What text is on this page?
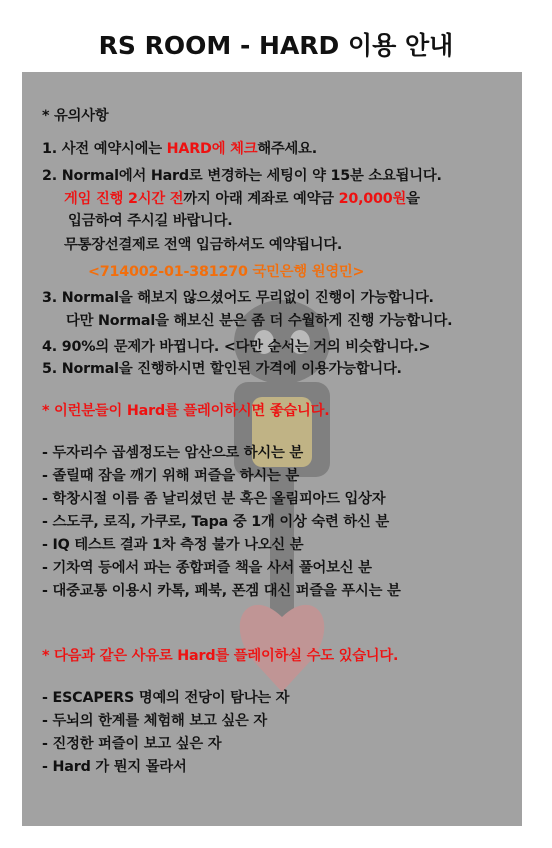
RS ROOM - HARD 이용 안내
* 유의사항
1. 사전 예약시에는 HARD에 체크해주세요.
2. Normal에서 Hard로 변경하는 세팅이 약 15분 소요됩니다.
게임 진행 2시간 전까지 아래 계좌로 예약금 20,000원을
입금하여 주시길 바랍니다.
무통장선결제로 전액 입금하셔도 예약됩니다.
<714002-01-381270 국민은행 원영민>
3. Normal을 해보지 않으셨어도 무리없이 진행이 가능합니다.
다만 Normal을 해보신 분은 좀 더 수월하게 진행 가능합니다.
4. 90%의 문제가 바뀝니다. <다만 순서는 거의 비슷합니다.>
5. Normal을 진행하시면 할인된 가격에 이용가능합니다.
* 이런분들이 Hard를 플레이하시면 좋습니다.
- 두자리수 곱셈정도는 암산으로 하시는 분
- 졸릴때 잠을 깨기 위해 퍼즐을 하시는 분
- 학창시절 이름 좀 날리셨던 분 혹은 올림피아드 입상자
- 스도쿠, 로직, 가쿠로, Tapa 중 1개 이상 숙련 하신 분
- IQ 테스트 결과 1차 측정 불가 나오신 분
- 기차역 등에서 파는 종합퍼즐 책을 사서 풀어보신 분
- 대중교통 이용시 카톡, 페북, 폰겜 대신 퍼즐을 푸시는 분
* 다음과 같은 사유로 Hard를 플레이하실 수도 있습니다.
- ESCAPERS 명예의 전당이 탐나는 자
- 두뇌의 한계를 체험해 보고 싶은 자
- 진정한 퍼즐이 보고 싶은 자
- Hard 가 뭔지 몰라서
